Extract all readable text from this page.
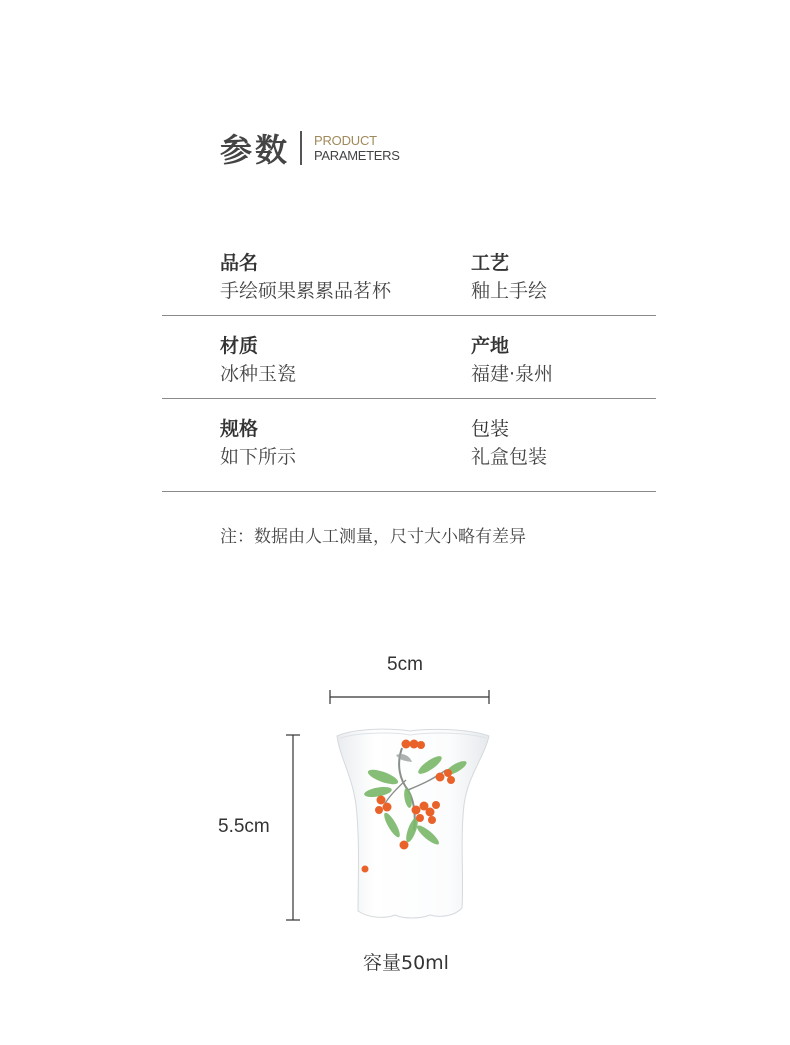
参数 PRODUCT
PARAMETERS
品名
手绘硕果累累品茗杯
工艺
釉上手绘
材质
冰种玉瓷
产地
福建·泉州
规格
如下所示
包装
礼盒包装
注：数据由人工测量，尺寸大小略有差异
5cm
5.5cm
容量50ml
